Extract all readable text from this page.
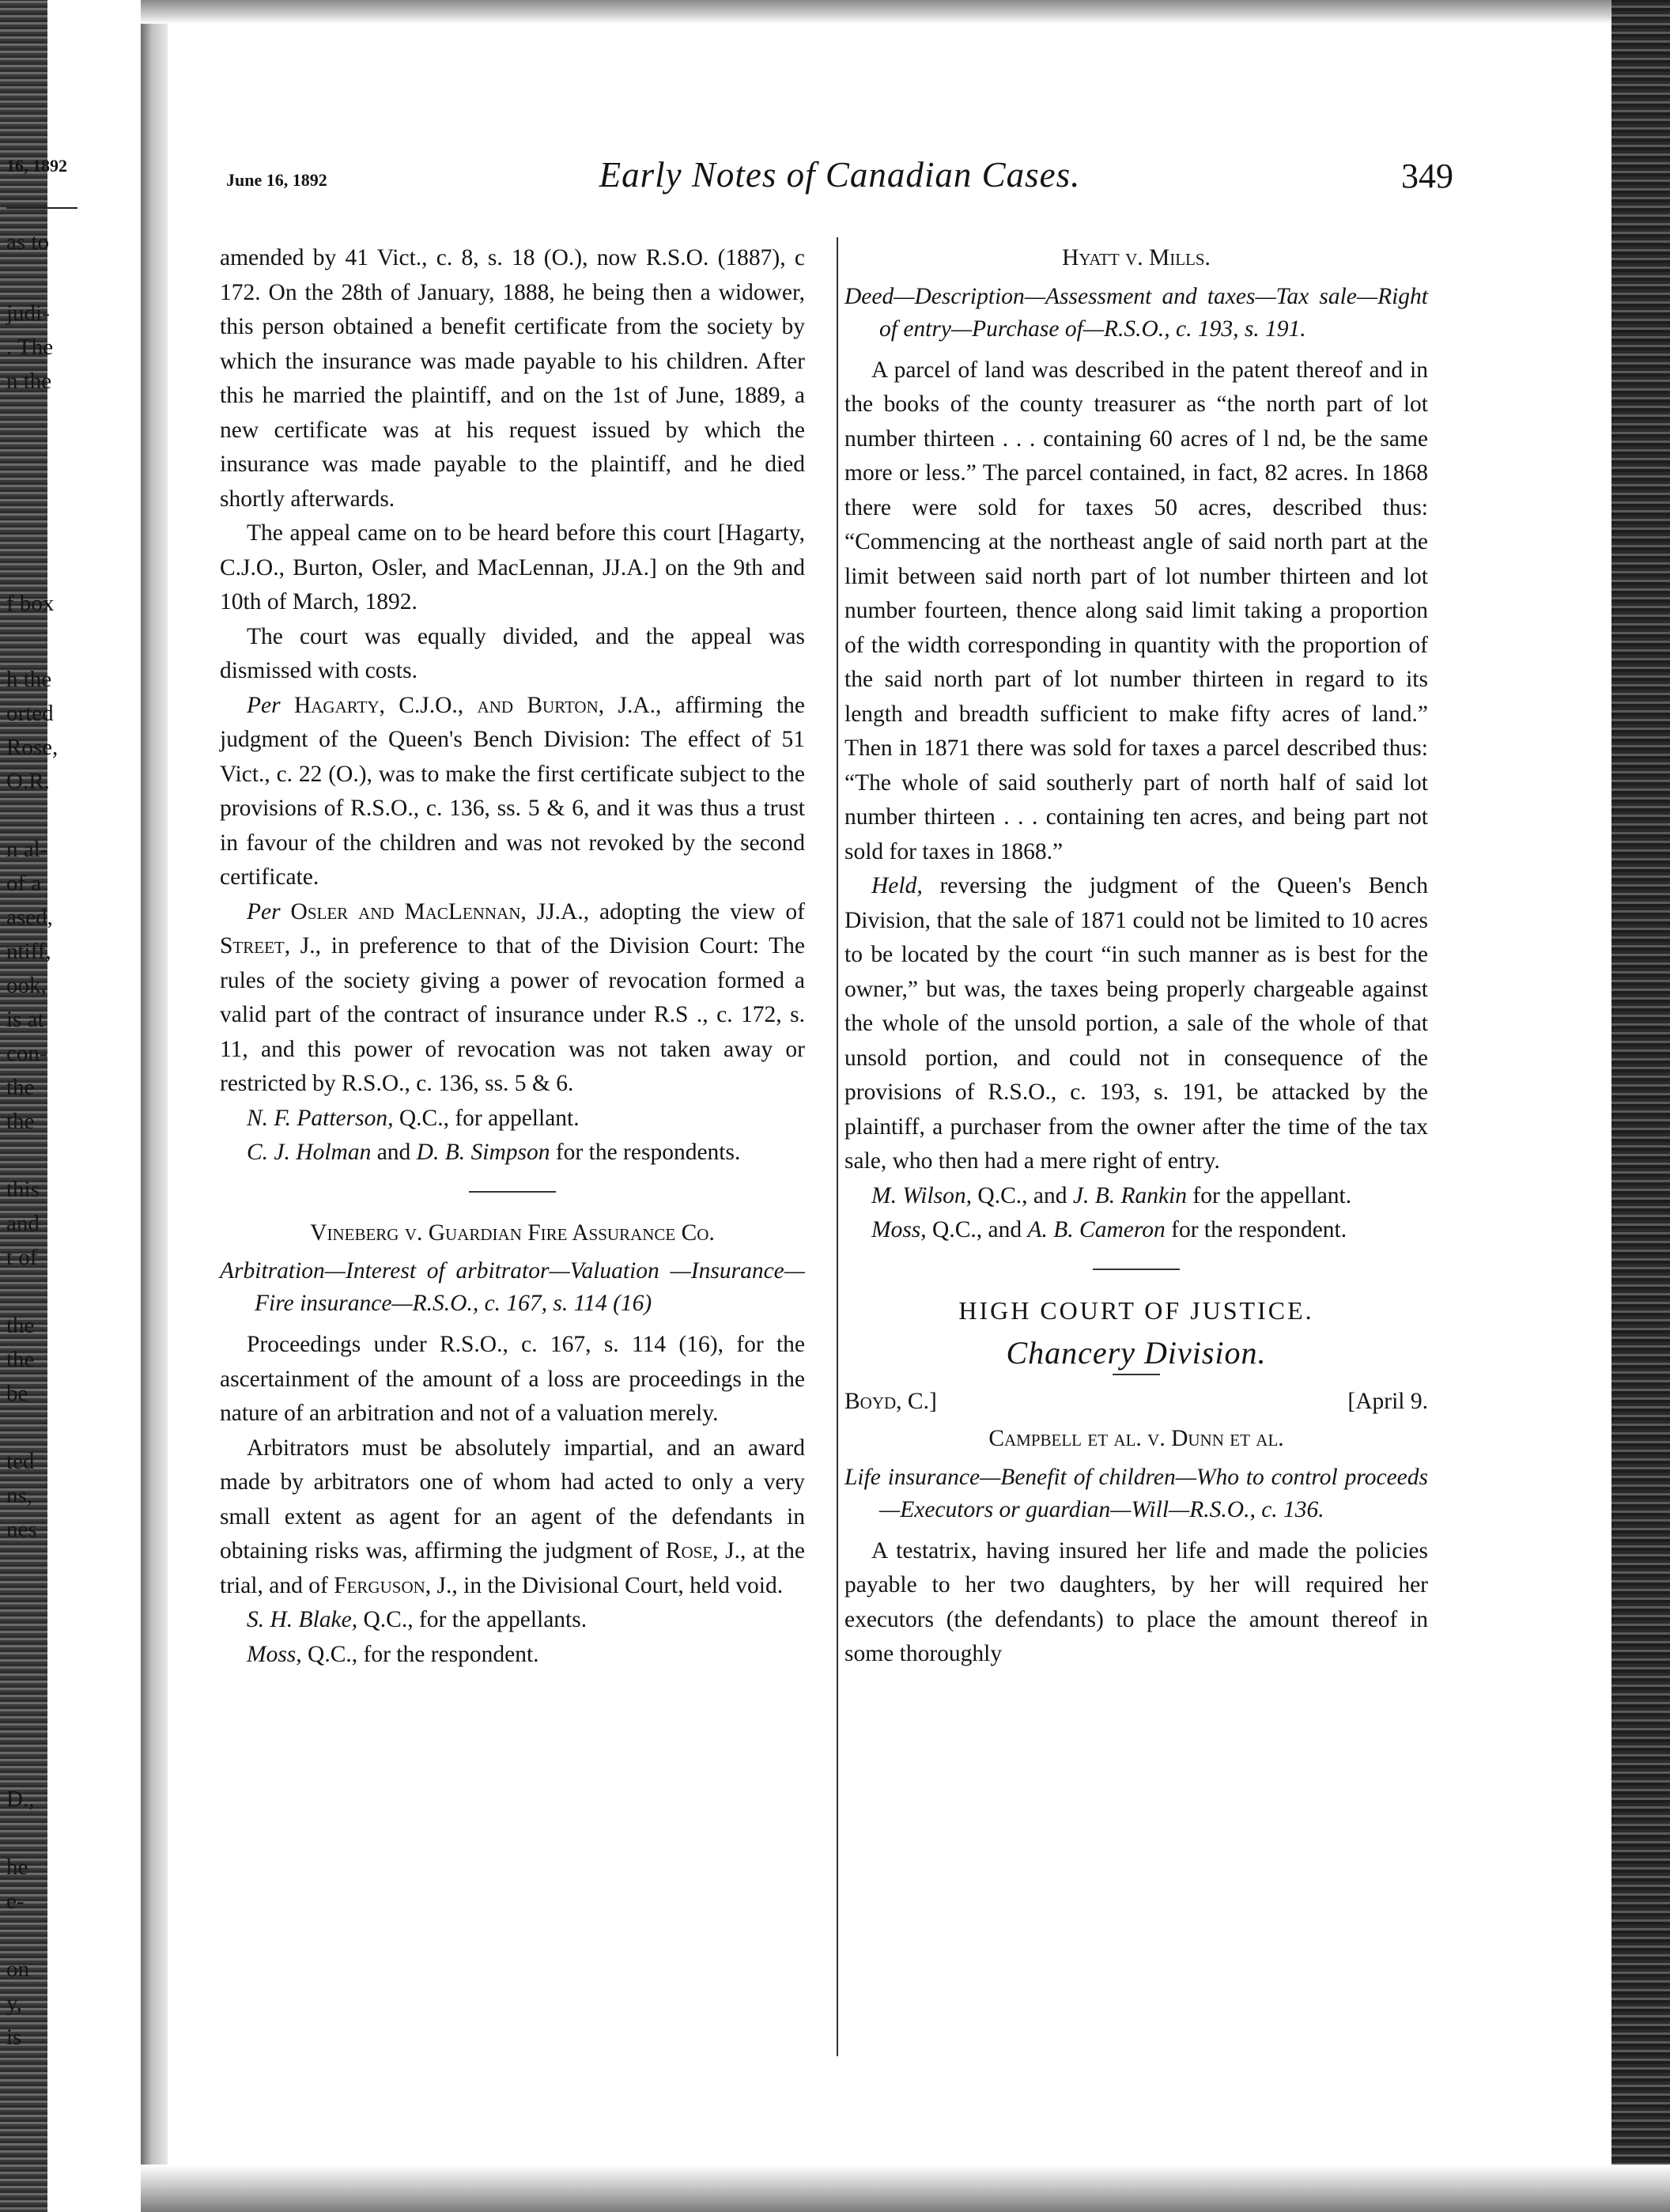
16, 1892
as to
judi-
. The
n the
f box
h the
orted
Rose,
O.R.
n al-
of a
ased,
ntiff,
ook,
is at
con-
the
the
this
and
t of
the
the
be
ted
ns,
nes
D.,
he
e-
on
y,
is
June 16, 1892	Early Notes of Canadian Cases.	349

amended by 41 Vict., c. 8, s. 18 (O.), now R.S.O. (1887), c 172. On the 28th of January, 1888, he being then a widower, this person obtained a benefit certificate from the society by which the insurance was made payable to his children. After this he married the plaintiff, and on the 1st of June, 1889, a new certificate was at his request issued by which the insurance was made payable to the plaintiff, and he died shortly afterwards.

The appeal came on to be heard before this court [Hagarty, C.J.O., Burton, Osler, and MacLennan, JJ.A.] on the 9th and 10th of March, 1892.

The court was equally divided, and the appeal was dismissed with costs.

Per Hagarty, C.J.O., and Burton, J.A., affirming the judgment of the Queen's Bench Division: The effect of 51 Vict., c. 22 (O.), was to make the first certificate subject to the provisions of R.S.O., c. 136, ss. 5 & 6, and it was thus a trust in favour of the children and was not revoked by the second certificate.

Per Osler and MacLennan, JJ.A., adopting the view of Street, J., in preference to that of the Division Court: The rules of the society giving a power of revocation formed a valid part of the contract of insurance under R.S ., c. 172, s. 11, and this power of revocation was not taken away or restricted by R.S.O., c. 136, ss. 5 & 6.

N. F. Patterson, Q.C., for appellant.

C. J. Holman and D. B. Simpson for the respondents.

Vineberg v. Guardian Fire Assurance Co.

Arbitration—Interest of arbitrator—Valuation —Insurance—Fire insurance—R.S.O., c. 167, s. 114 (16)

Proceedings under R.S.O., c. 167, s. 114 (16), for the ascertainment of the amount of a loss are proceedings in the nature of an arbitration and not of a valuation merely.

Arbitrators must be absolutely impartial, and an award made by arbitrators one of whom had acted to only a very small extent as agent for an agent of the defendants in obtaining risks was, affirming the judgment of Rose, J., at the trial, and of Ferguson, J., in the Divisional Court, held void.

S. H. Blake, Q.C., for the appellants.

Moss, Q.C., for the respondent.

Hyatt v. Mills.

Deed—Description—Assessment and taxes—Tax sale—Right of entry—Purchase of—R.S.O., c. 193, s. 191.

A parcel of land was described in the patent thereof and in the books of the county treasurer as “the north part of lot number thirteen . . . containing 60 acres of l nd, be the same more or less.” The parcel contained, in fact, 82 acres. In 1868 there were sold for taxes 50 acres, described thus: “Commencing at the northeast angle of said north part at the limit between said north part of lot number thirteen and lot number fourteen, thence along said limit taking a proportion of the width corresponding in quantity with the proportion of the said north part of lot number thirteen in regard to its length and breadth sufficient to make fifty acres of land.” Then in 1871 there was sold for taxes a parcel described thus: “The whole of said southerly part of north half of said lot number thirteen . . . containing ten acres, and being part not sold for taxes in 1868.”

Held, reversing the judgment of the Queen's Bench Division, that the sale of 1871 could not be limited to 10 acres to be located by the court “in such manner as is best for the owner,” but was, the taxes being properly chargeable against the whole of the unsold portion, a sale of the whole of that unsold portion, and could not in consequence of the provisions of R.S.O., c. 193, s. 191, be attacked by the plaintiff, a purchaser from the owner after the time of the tax sale, who then had a mere right of entry.

M. Wilson, Q.C., and J. B. Rankin for the appellant.

Moss, Q.C., and A. B. Cameron for the respondent.

HIGH COURT OF JUSTICE.

Chancery Division.

Boyd, C.]	[April 9.

Campbell et al. v. Dunn et al.

Life insurance—Benefit of children—Who to control proceeds—Executors or guardian—Will—R.S.O., c. 136.

A testatrix, having insured her life and made the policies payable to her two daughters, by her will required her executors (the defendants) to place the amount thereof in some thoroughly
